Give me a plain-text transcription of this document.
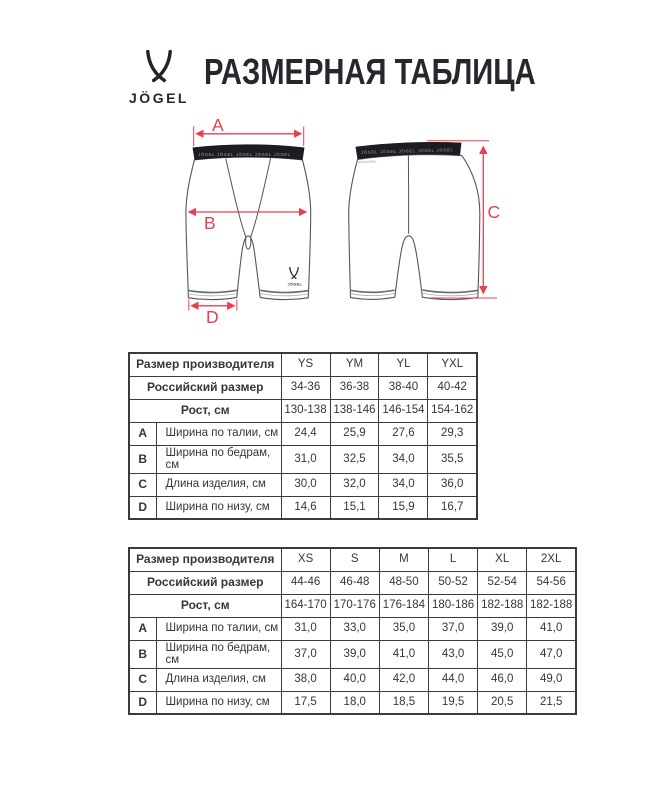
JÖGEL
РАЗМЕРНАЯ ТАБЛИЦА
JÖGEL JÖGEL JÖGEL JÖGEL JÖGEL
JÖGEL
JÖGEL JÖGEL JÖGEL JÖGEL JÖGEL
PerformDRY
A
B
D
C
Размер производителя		YS	YM	YL	YXL
Российский размер		34-36	36-38	38-40	40-42
Рост, см		130-138	138-146	146-154	154-162
A	Ширина по талии, см	24,4	25,9	27,6	29,3
B	Ширина по бедрам, см	31,0	32,5	34,0	35,5
C	Длина изделия, см	30,0	32,0	34,0	36,0
D	Ширина по низу, см	14,6	15,1	15,9	16,7
Размер производителя		XS	S	M	L	XL	2XL
Российский размер		44-46	46-48	48-50	50-52	52-54	54-56
Рост, см		164-170	170-176	176-184	180-186	182-188	182-188
A	Ширина по талии, см	31,0	33,0	35,0	37,0	39,0	41,0
B	Ширина по бедрам, см	37,0	39,0	41,0	43,0	45,0	47,0
C	Длина изделия, см	38,0	40,0	42,0	44,0	46,0	49,0
D	Ширина по низу, см	17,5	18,0	18,5	19,5	20,5	21,5
